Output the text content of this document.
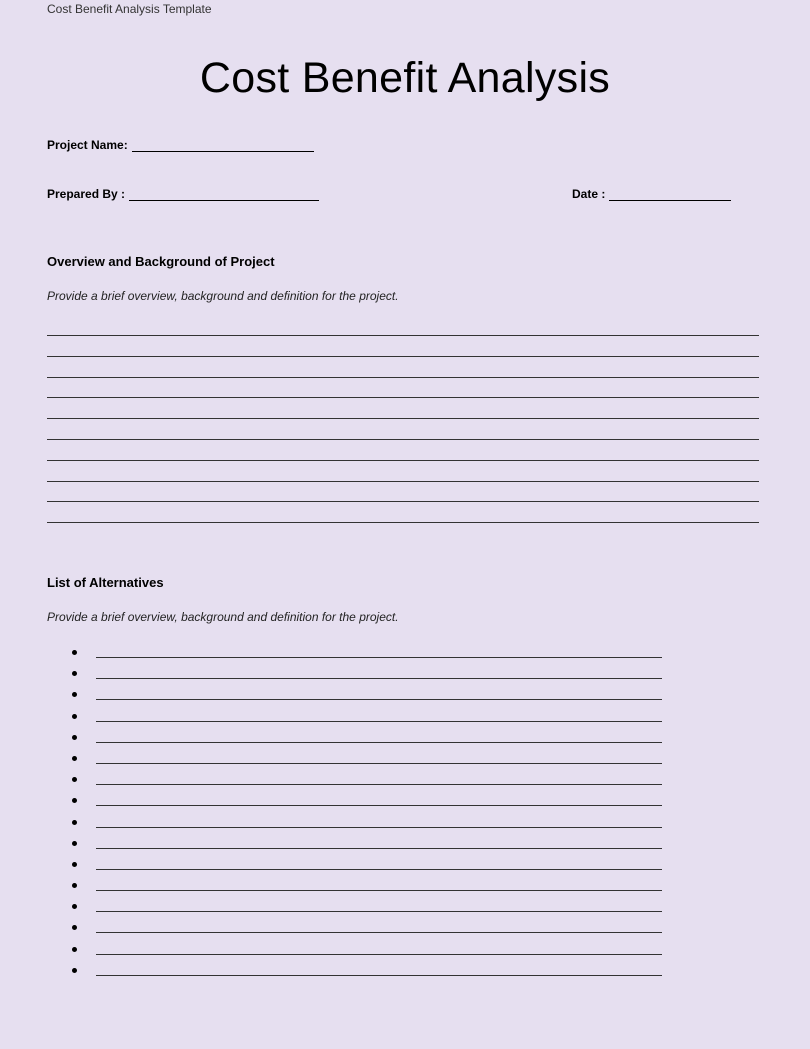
Cost Benefit Analysis Template
Cost Benefit Analysis
Project Name:
Prepared By :	Date :
Overview and Background of Project

Provide a brief overview, background and definition for the project.

List of Alternatives

Provide a brief overview, background and definition for the project.
